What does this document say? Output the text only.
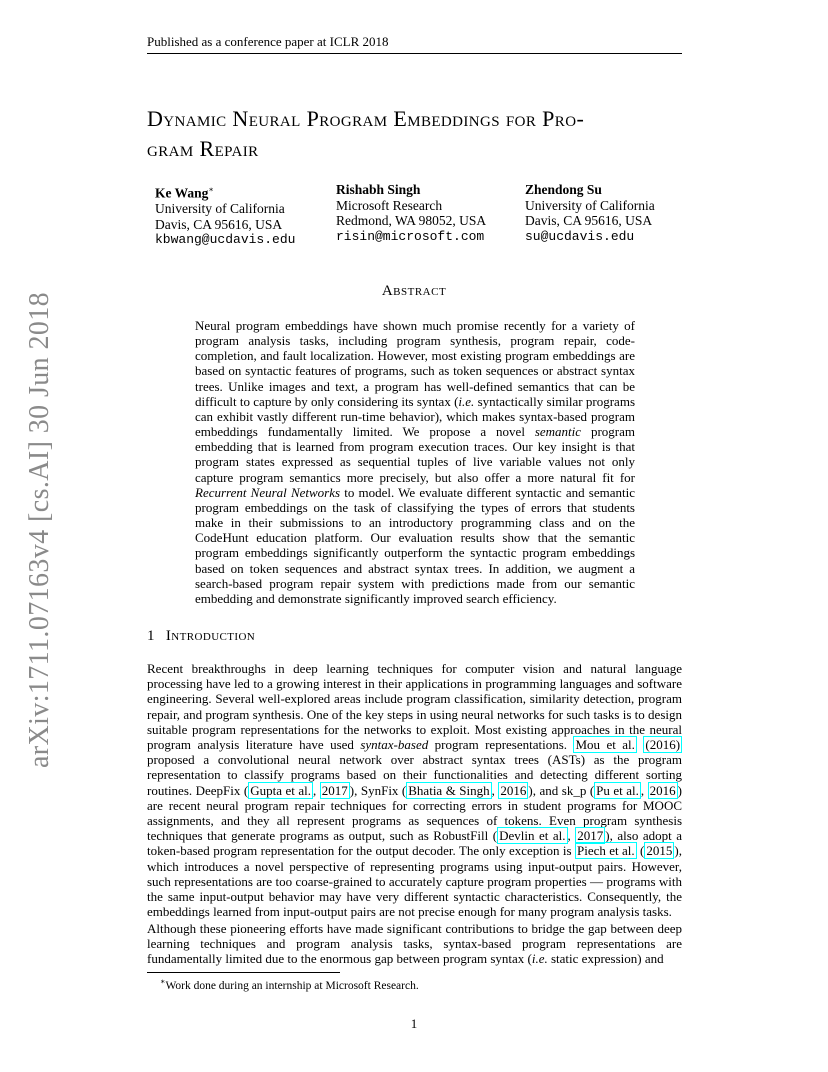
Published as a conference paper at ICLR 2018
arXiv:1711.07163v4 [cs.AI] 30 Jun 2018
Dynamic Neural Program Embeddings for Pro-
gram Repair
Ke Wang∗
University of California
Davis, CA 95616, USA
kbwang@ucdavis.edu
Rishabh Singh
Microsoft Research
Redmond, WA 98052, USA
risin@microsoft.com
Zhendong Su
University of California
Davis, CA 95616, USA
su@ucdavis.edu
Abstract
Neural program embeddings have shown much promise recently for a variety of program analysis tasks, including program synthesis, program repair, code-completion, and fault localization. However, most existing program embeddings are based on syntactic features of programs, such as token sequences or abstract syntax trees. Unlike images and text, a program has well-defined semantics that can be difficult to capture by only considering its syntax (i.e. syntactically similar programs can exhibit vastly different run-time behavior), which makes syntax-based program embeddings fundamentally limited. We propose a novel semantic program embedding that is learned from program execution traces. Our key insight is that program states expressed as sequential tuples of live variable values not only capture program semantics more precisely, but also offer a more natural fit for Recurrent Neural Networks to model. We evaluate different syntactic and semantic program embeddings on the task of classifying the types of errors that students make in their submissions to an introductory programming class and on the CodeHunt education platform. Our evaluation results show that the semantic program embeddings significantly outperform the syntactic program embeddings based on token sequences and abstract syntax trees. In addition, we augment a search-based program repair system with predictions made from our semantic embedding and demonstrate significantly improved search efficiency.
1 Introduction
Recent breakthroughs in deep learning techniques for computer vision and natural language processing have led to a growing interest in their applications in programming languages and software engineering. Several well-explored areas include program classification, similarity detection, program repair, and program synthesis. One of the key steps in using neural networks for such tasks is to design suitable program representations for the networks to exploit. Most existing approaches in the neural program analysis literature have used syntax-based program representations. Mou et al. (2016) proposed a convolutional neural network over abstract syntax trees (ASTs) as the program representation to classify programs based on their functionalities and detecting different sorting routines. DeepFix ( Gupta et al. , 2017 ), SynFix ( Bhatia & Singh , 2016 ), and sk_p ( Pu et al. , 2016 ) are recent neural program repair techniques for correcting errors in student programs for MOOC assignments, and they all represent programs as sequences of tokens. Even program synthesis techniques that generate programs as output, such as RobustFill ( Devlin et al. , 2017 ), also adopt a token-based program representation for the output decoder. The only exception is Piech et al. ( 2015 ), which introduces a novel perspective of representing programs using input-output pairs. However, such representations are too coarse-grained to accurately capture program properties — programs with the same input-output behavior may have very different syntactic characteristics. Consequently, the embeddings learned from input-output pairs are not precise enough for many program analysis tasks.
Although these pioneering efforts have made significant contributions to bridge the gap between deep learning techniques and program analysis tasks, syntax-based program representations are fundamentally limited due to the enormous gap between program syntax (i.e. static expression) and
∗Work done during an internship at Microsoft Research.
1
